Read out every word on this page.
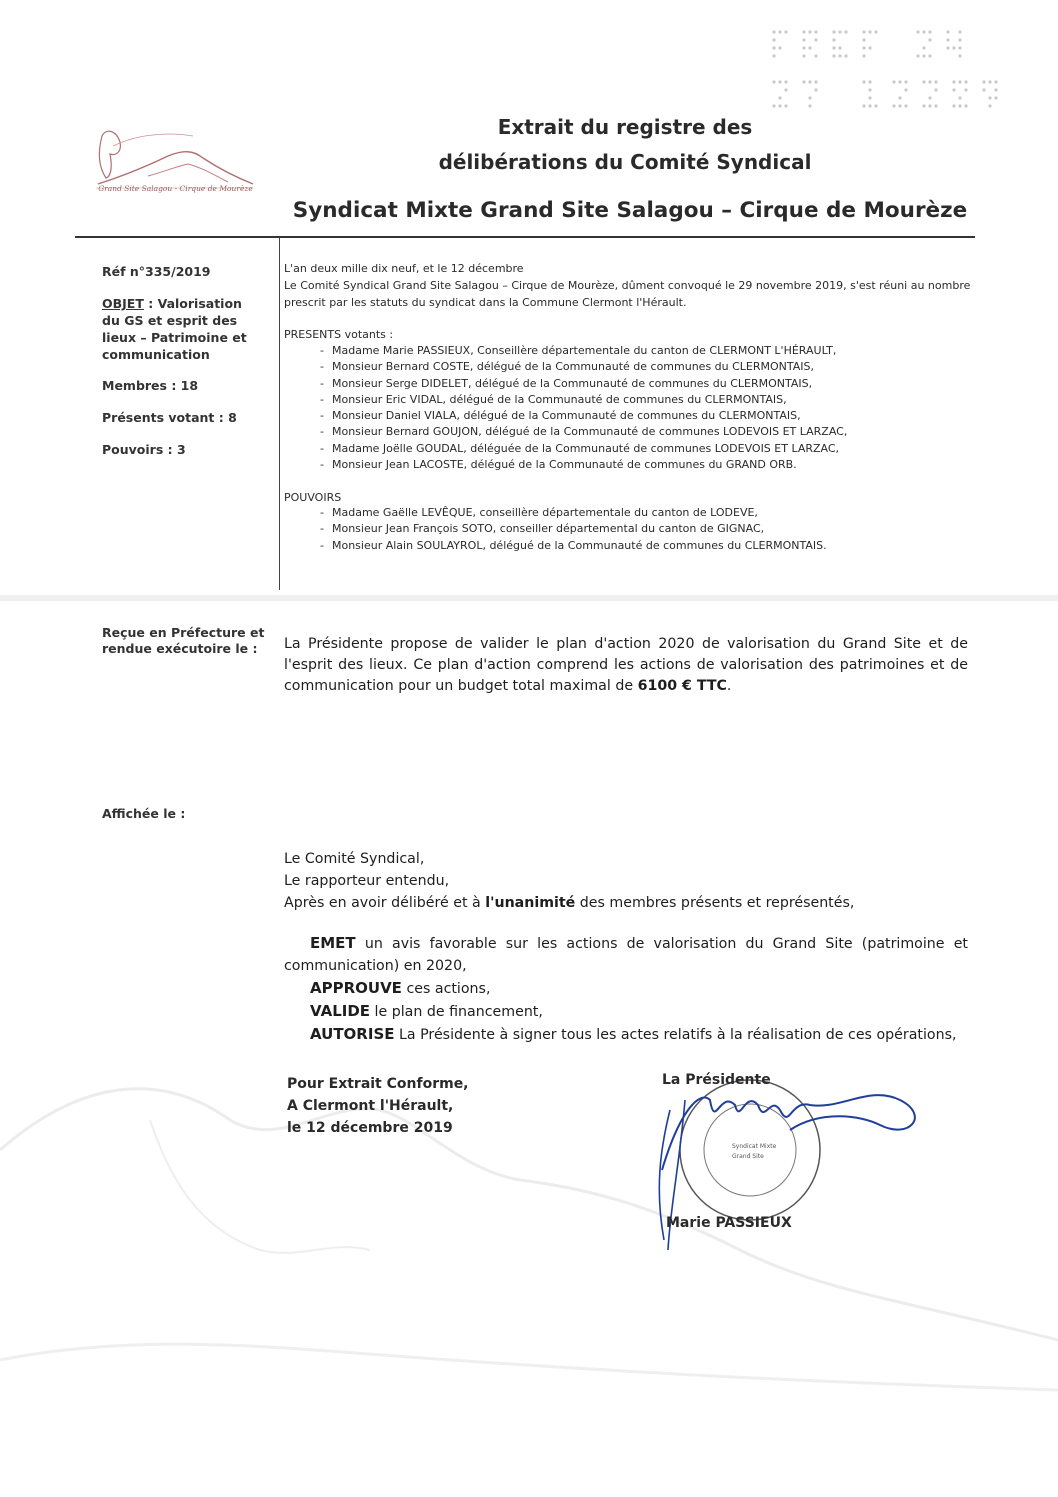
Grand Site Salagou - Cirque de Mourèze
Extrait du registre des
délibérations du Comité Syndical
Syndicat Mixte Grand Site Salagou – Cirque de Mourèze
Réf n°335/2019
OBJET : Valorisation du GS et esprit des lieux – Patrimoine et communication
Membres : 18
Présents votant : 8
Pouvoirs : 3
Reçue en Préfecture et rendue exécutoire le :
Affichée le :
L'an deux mille dix neuf, et le 12 décembre
Le Comité Syndical Grand Site Salagou – Cirque de Mourèze, dûment convoqué le 29 novembre 2019, s'est réuni au nombre prescrit par les statuts du syndicat dans la Commune Clermont l'Hérault.
PRESENTS votants :
- Madame Marie PASSIEUX, Conseillère départementale du canton de CLERMONT L'HÉRAULT,
- Monsieur Bernard COSTE, délégué de la Communauté de communes du CLERMONTAIS,
- Monsieur Serge DIDELET, délégué de la Communauté de communes du CLERMONTAIS,
- Monsieur Eric VIDAL, délégué de la Communauté de communes du CLERMONTAIS,
- Monsieur Daniel VIALA, délégué de la Communauté de communes du CLERMONTAIS,
- Monsieur Bernard GOUJON, délégué de la Communauté de communes LODEVOIS ET LARZAC,
- Madame Joëlle GOUDAL, déléguée de la Communauté de communes LODEVOIS ET LARZAC,
- Monsieur Jean LACOSTE, délégué de la Communauté de communes du GRAND ORB.
POUVOIRS
- Madame Gaëlle LEVÊQUE, conseillère départementale du canton de LODEVE,
- Monsieur Jean François SOTO, conseiller départemental du canton de GIGNAC,
- Monsieur Alain SOULAYROL, délégué de la Communauté de communes du CLERMONTAIS.
La Présidente propose de valider le plan d'action 2020 de valorisation du Grand Site et de l'esprit des lieux. Ce plan d'action comprend les actions de valorisation des patrimoines et de communication pour un budget total maximal de 6100 € TTC.
Le Comité Syndical,
Le rapporteur entendu,
Après en avoir délibéré et à l'unanimité des membres présents et représentés,
EMET un avis favorable sur les actions de valorisation du Grand Site (patrimoine et communication) en 2020,
APPROUVE ces actions,
VALIDE le plan de financement,
AUTORISE La Présidente à signer tous les actes relatifs à la réalisation de ces opérations,
Pour Extrait Conforme,
A Clermont l'Hérault,
le 12 décembre 2019
Syndicat Mixte
Grand Site
La Présidente
Marie PASSIEUX
